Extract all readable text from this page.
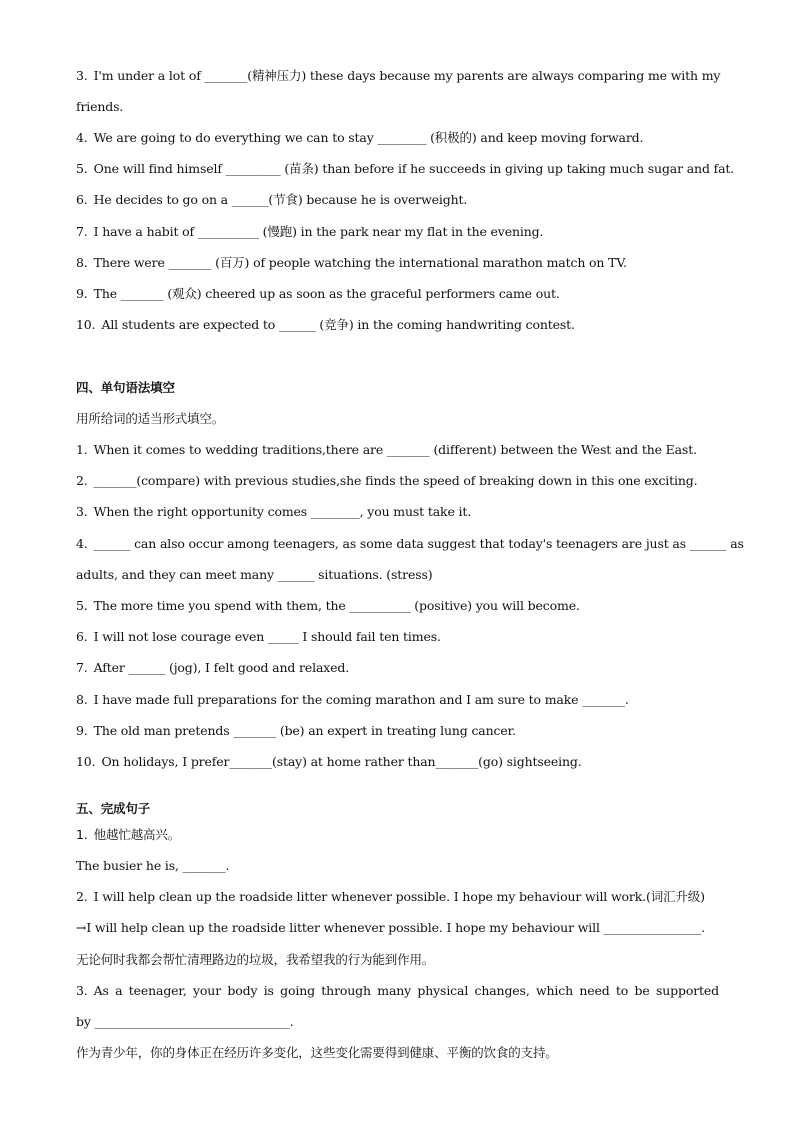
3. I'm under a lot of _______(精神压力) these days because my parents are always comparing me with my
friends.
4. We are going to do everything we can to stay ________ (积极的) and keep moving forward.
5. One will find himself _________ (苗条) than before if he succeeds in giving up taking much sugar and fat.
6. He decides to go on a ______(节食) because he is overweight.
7. I have a habit of __________ (慢跑) in the park near my flat in the evening.
8. There were _______ (百万) of people watching the international marathon match on TV.
9. The _______ (观众) cheered up as soon as the graceful performers came out.
10. All students are expected to ______ (竞争) in the coming handwriting contest.
四、单句语法填空
用所给词的适当形式填空。
1. When it comes to wedding traditions,there are _______ (different) between the West and the East.
2. _______(compare) with previous studies,she finds the speed of breaking down in this one exciting.
3. When the right opportunity comes ________, you must take it.
4. ______ can also occur among teenagers, as some data suggest that today's teenagers are just as ______ as
adults, and they can meet many ______ situations. (stress)
5. The more time you spend with them, the __________ (positive) you will become.
6. I will not lose courage even _____ I should fail ten times.
7. After ______ (jog), I felt good and relaxed.
8. I have made full preparations for the coming marathon and I am sure to make _______.
9. The old man pretends _______ (be) an expert in treating lung cancer.
10. On holidays, I prefer_______(stay) at home rather than_______(go) sightseeing.
五、完成句子
1. 他越忙越高兴。
The busier he is, _______.
2. I will help clean up the roadside litter whenever possible. I hope my behaviour will work.(词汇升级)
→I will help clean up the roadside litter whenever possible. I hope my behaviour will ________________.
无论何时我都会帮忙清理路边的垃圾，我希望我的行为能到作用。
3. As a teenager, your body is going through many physical changes, which need to be supported
by ________________________________.
作为青少年，你的身体正在经历许多变化，这些变化需要得到健康、平衡的饮食的支持。
